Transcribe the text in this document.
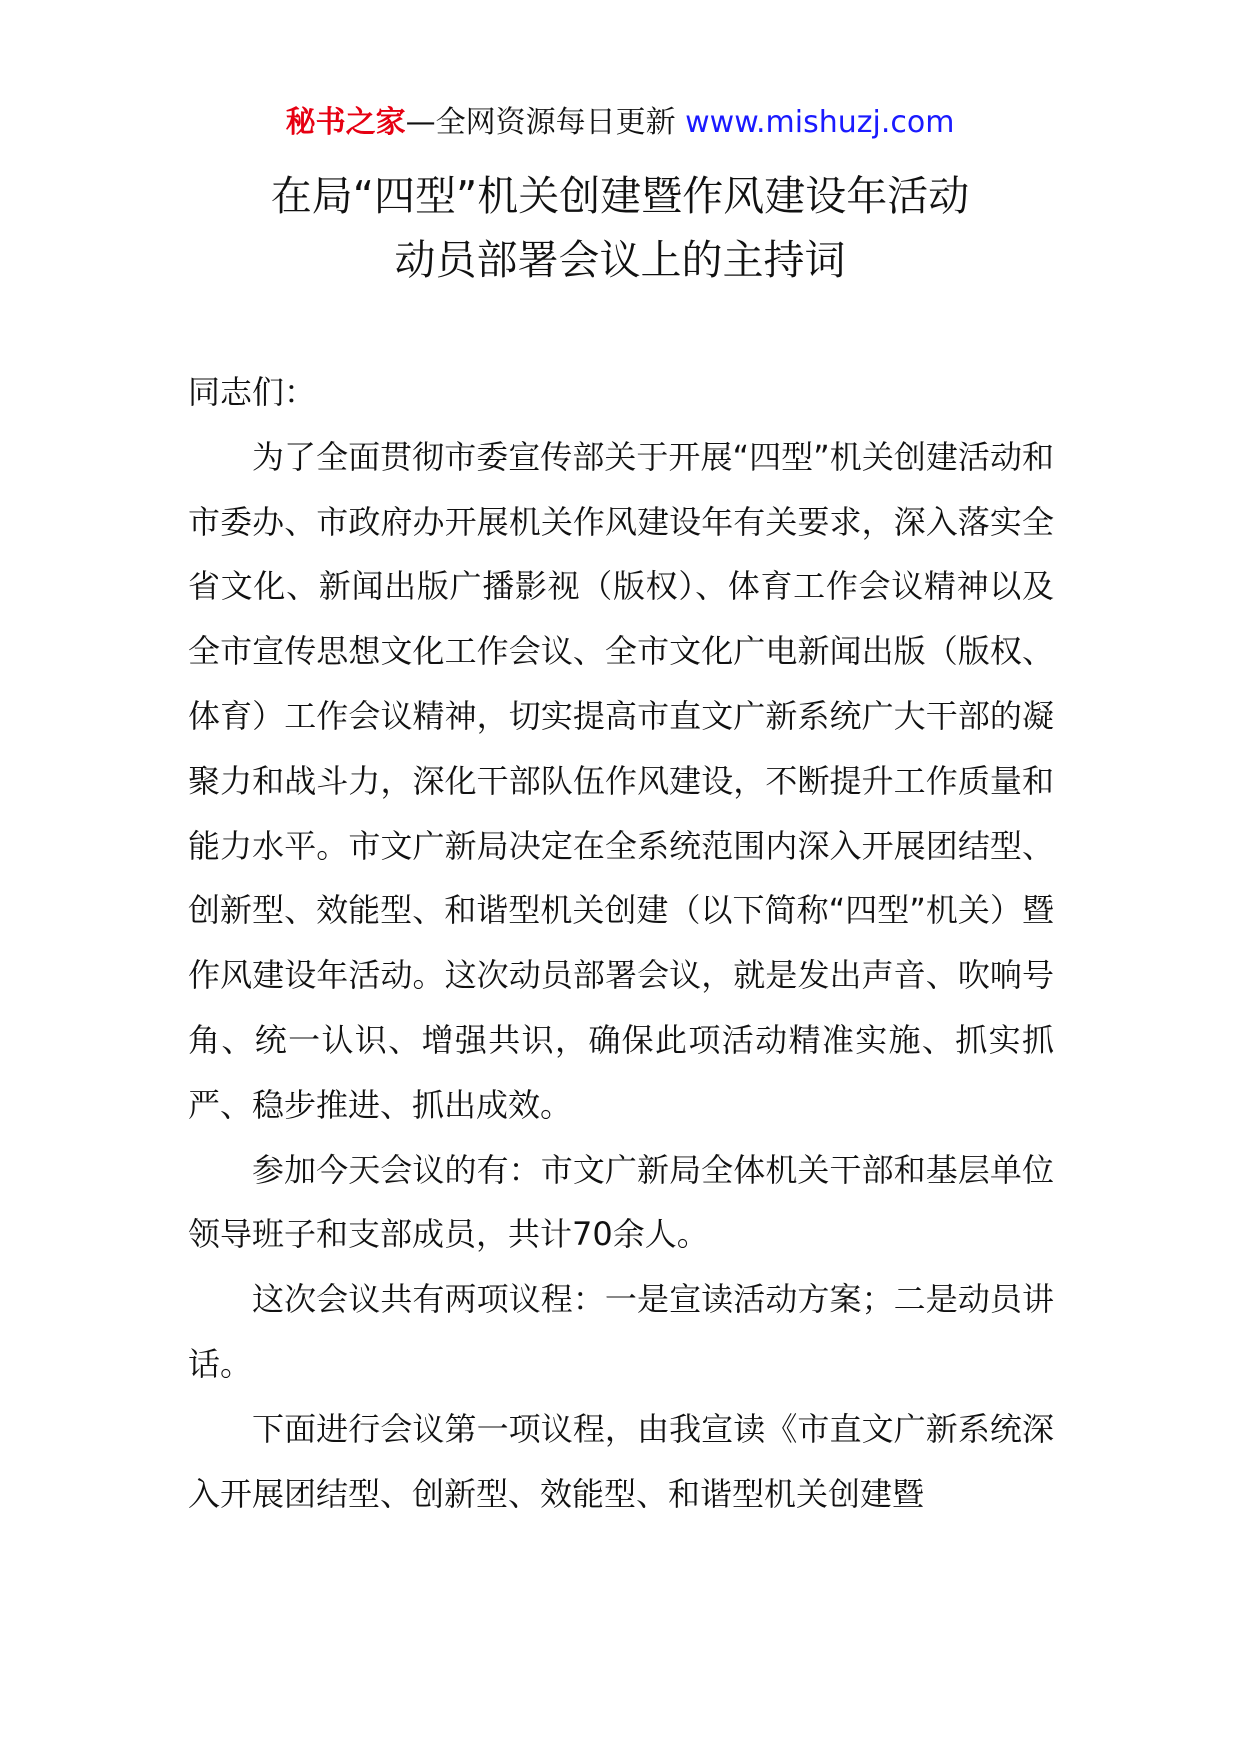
秘书之家—全网资源每日更新 www.mishuzj.com
在局“四型”机关创建暨作风建设年活动
动员部署会议上的主持词

同志们：

为了全面贯彻市委宣传部关于开展“四型”机关创建活动和市委办、市政府办开展机关作风建设年有关要求，深入落实全省文化、新闻出版广播影视（版权）、体育工作会议精神以及全市宣传思想文化工作会议、全市文化广电新闻出版（版权、体育）工作会议精神，切实提高市直文广新系统广大干部的凝聚力和战斗力，深化干部队伍作风建设，不断提升工作质量和能力水平。市文广新局决定在全系统范围内深入开展团结型、创新型、效能型、和谐型机关创建（以下简称“四型”机关）暨作风建设年活动。这次动员部署会议，就是发出声音、吹响号角、统一认识、增强共识，确保此项活动精准实施、抓实抓严、稳步推进、抓出成效。

参加今天会议的有：市文广新局全体机关干部和基层单位领导班子和支部成员，共计70余人。

这次会议共有两项议程：一是宣读活动方案；二是动员讲话。

下面进行会议第一项议程，由我宣读《市直文广新系统深入开展团结型、创新型、效能型、和谐型机关创建暨
